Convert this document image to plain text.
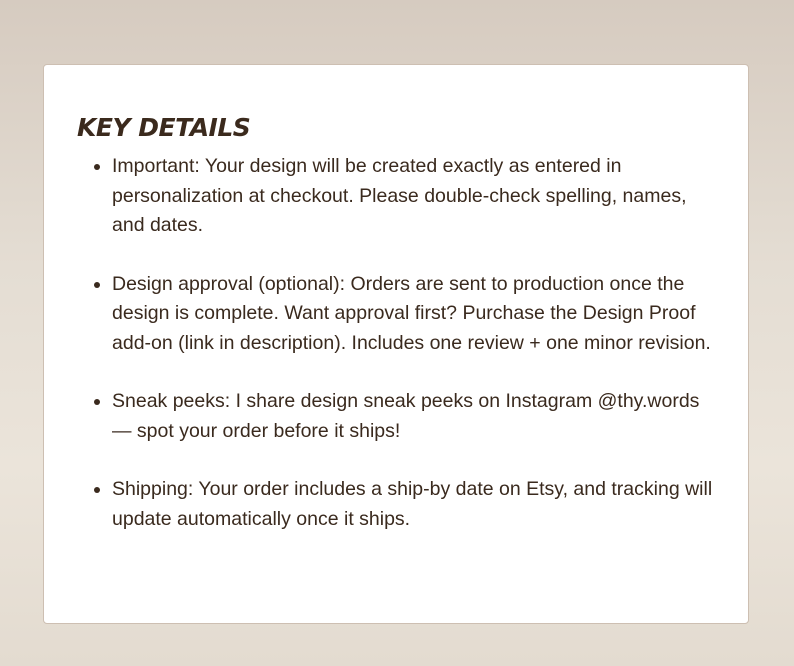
KEY DETAILS
Important: Your design will be created exactly as entered in personalization at checkout. Please double-check spelling, names, and dates.
Design approval (optional): Orders are sent to production once the design is complete. Want approval first? Purchase the Design Proof add-on (link in description). Includes one review + one minor revision.
Sneak peeks: I share design sneak peeks on Instagram @thy.words — spot your order before it ships!
Shipping: Your order includes a ship-by date on Etsy, and tracking will update automatically once it ships.
